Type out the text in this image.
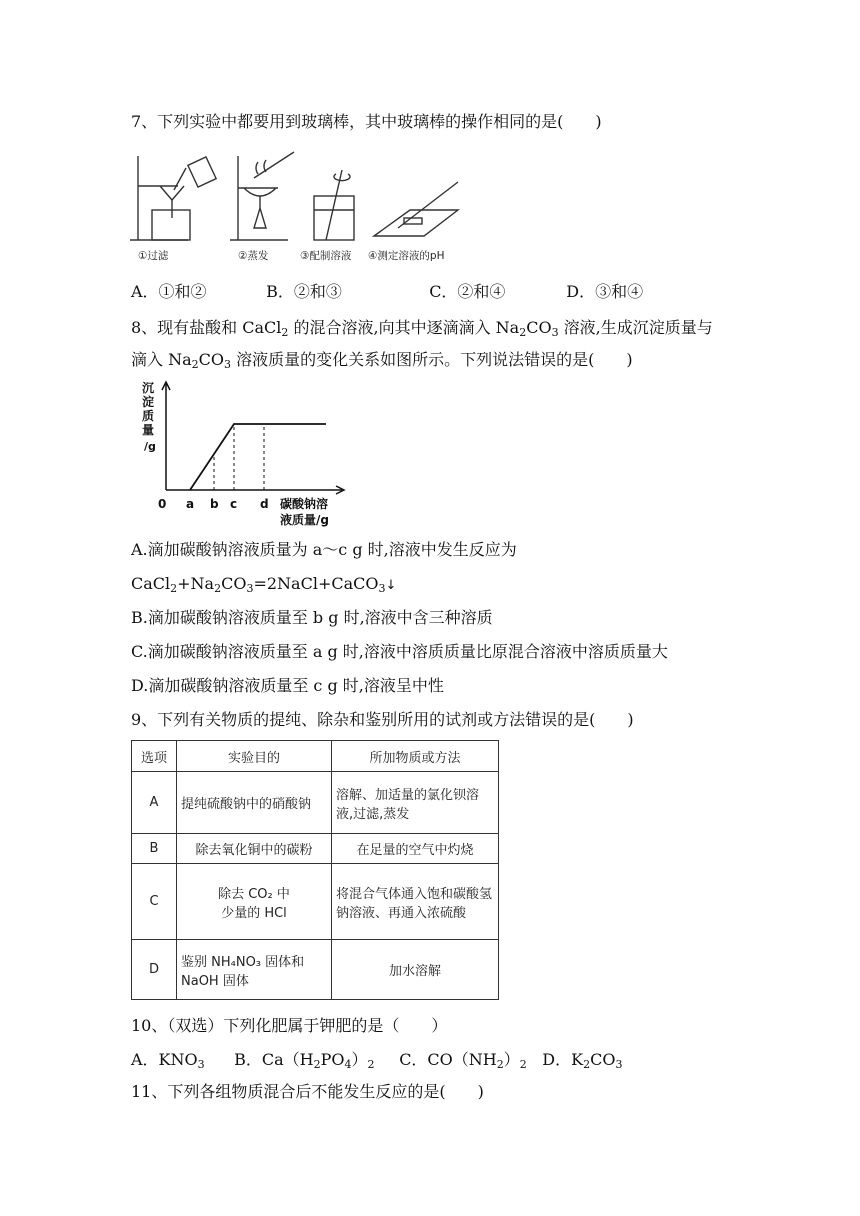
7、下列实验中都要用到玻璃棒，其中玻璃棒的操作相同的是(　　)
①过滤	②蒸发	③配制溶液 ④测定溶液的pH
A．①和②	B．②和③	C．②和④	D．③和④
8、现有盐酸和 CaCl$_2$ 的混合溶液,向其中逐滴滴入 $Na_2CO_3$ 溶液,生成沉淀质量与
滴入 $Na_2CO_3$ 溶液质量的变化关系如图所示。下列说法错误的是(　　)
沉
淀
质
量
/g
0 a b c d 碳酸钠溶
液质量/g
A.滴加碳酸钠溶液质量为 a～c g 时,溶液中发生反应为
$CaCl_2+Na_2CO_3=2NaCl+CaCO_3↓$
B.滴加碳酸钠溶液质量至 b g 时,溶液中含三种溶质
C.滴加碳酸钠溶液质量至 a g 时,溶液中溶质质量比原混合溶液中溶质质量大
D.滴加碳酸钠溶液质量至 c g 时,溶液呈中性
9、下列有关物质的提纯、除杂和鉴别所用的试剂或方法错误的是(　　)
选项	实验目的	所加物质或方法
A	提纯硫酸钠中的硝酸钠	溶解、加适量的氯化钡溶液,过滤,蒸发
B	除去氧化铜中的碳粉	在足量的空气中灼烧
C	除去 CO₂ 中
少量的 HCl	将混合气体通入饱和碳酸氢钠溶液、再通入浓硫酸
D	鉴别 NH₄NO₃ 固体和 NaOH 固体	加水溶解
10、（双选）下列化肥属于钾肥的是（　　）
A．$KNO_3$ B．$Ca(H_2PO_4)_2$ C．$CO(NH_2)_2$ D．$K_2CO_3$
11、下列各组物质混合后不能发生反应的是(　　)
